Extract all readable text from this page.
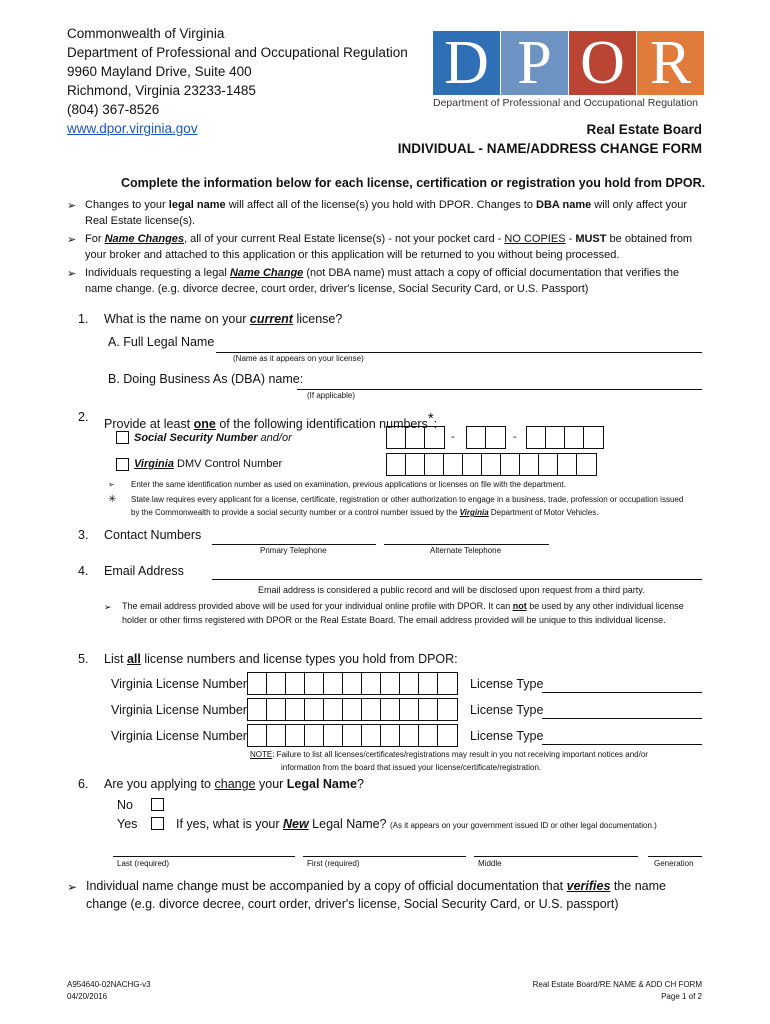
Commonwealth of Virginia
Department of Professional and Occupational Regulation
9960 Mayland Drive, Suite 400
Richmond, Virginia 23233-1485
(804) 367-8526
www.dpor.virginia.gov
D P O R
Department of Professional and Occupational Regulation
Real Estate Board
INDIVIDUAL - NAME/ADDRESS CHANGE FORM
Complete the information below for each license, certification or registration you hold from DPOR.
➢ Changes to your legal name will affect all of the license(s) you hold with DPOR. Changes to DBA name will only affect your Real Estate license(s).
➢ For Name Changes, all of your current Real Estate license(s) - not your pocket card - NO COPIES - MUST be obtained from your broker and attached to this application or this application will be returned to you without being processed.
➢ Individuals requesting a legal Name Change (not DBA name) must attach a copy of official documentation that verifies the name change. (e.g. divorce decree, court order, driver's license, Social Security Card, or U.S. Passport)
1. What is the name on your current license?
A. Full Legal Name
(Name as it appears on your license)
B. Doing Business As (DBA) name:
(If applicable)
2.
Provide at least one of the following identification numbers*:
Social Security Number and/or	-	-
Virginia DMV Control Number
➢ Enter the same identification number as used on examination, previous applications or licenses on file with the department.
✳ State law requires every applicant for a license, certificate, registration or other authorization to engage in a business, trade, profession or occupation issued
by the Commonwealth to provide a social security number or a control number issued by the Virginia Department of Motor Vehicles.
3. Contact Numbers
Primary Telephone	Alternate Telephone
4. Email Address
Email address is considered a public record and will be disclosed upon request from a third party.
➢ The email address provided above will be used for your individual online profile with DPOR. It can not be used by any other individual license holder or other firms registered with DPOR or the Real Estate Board. The email address provided will be unique to this individual license.
5. List all license numbers and license types you hold from DPOR:
Virginia License Number	License Type
Virginia License Number	License Type
Virginia License Number	License Type
NOTE: Failure to list all licenses/certificates/registrations may result in you not receiving important notices and/or
information from the board that issued your license/certificate/registration.
6. Are you applying to change your Legal Name?
No
Yes	If yes, what is your New Legal Name? (As it appears on your government issued ID or other legal documentation.)
Last (required)	First (required)	Middle	Generation
➢ Individual name change must be accompanied by a copy of official documentation that verifies the name change (e.g. divorce decree, court order, driver's license, Social Security Card, or U.S. passport)
A954640-02NACHG-v3
04/20/2016
Real Estate Board/RE NAME & ADD CH FORM
Page 1 of 2
